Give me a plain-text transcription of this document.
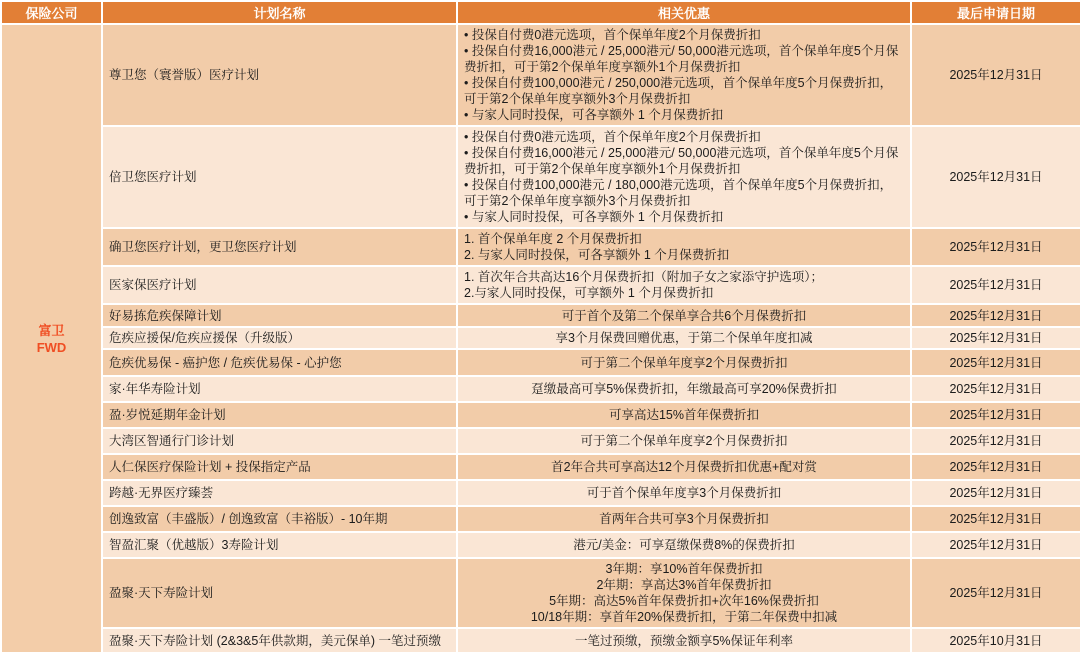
保险公司	计划名称	相关优惠	最后申请日期

富卫
FWD
	尊卫您（寰誉版）医疗计划	
• 投保自付费0港元选项，首个保单年度2个月保费折扣
• 投保自付费16,000港元 / 25,000港元/ 50,000港元选项，首个保单年度5个月保费折扣，可于第2个保单年度享额外1个月保费折扣
• 投保自付费100,000港元 / 250,000港元选项，首个保单年度5个月保费折扣，可于第2个保单年度享额外3个月保费折扣
• 与家人同时投保，可各享额外 1 个月保费折扣
	2025年12月31日
	倍卫您医疗计划	• 投保自付费0港元选项，首个保单年度2个月保费折扣
• 投保自付费16,000港元 / 25,000港元/ 50,000港元选项，首个保单年度5个月保费折扣，可于第2个保单年度享额外1个月保费折扣
• 投保自付费100,000港元 / 180,000港元选项，首个保单年度5个月保费折扣，可于第2个保单年度享额外3个月保费折扣
• 与家人同时投保，可各享额外 1 个月保费折扣	2025年12月31日
	确卫您医疗计划，更卫您医疗计划	1. 首个保单年度 2 个月保费折扣
2. 与家人同时投保，可各享额外 1 个月保费折扣	2025年12月31日
	医家保医疗计划	1. 首次年合共高达16个月保费折扣（附加子女之家添守护选项）；
2.与家人同时投保，可享额外 1 个月保费折扣	2025年12月31日
	好易拣危疾保障计划	可于首个及第二个保单享合共6个月保费折扣	2025年12月31日
	危疾应援保/危疾应援保（升级版）	享3个月保费回赠优惠，于第二个保单年度扣减	2025年12月31日
	危疾优易保 - 癌护您 / 危疾优易保 - 心护您	可于第二个保单年度享2个月保费折扣	2025年12月31日
	家·年华寿险计划	趸缴最高可享5%保费折扣，年缴最高可享20%保费折扣	2025年12月31日
	盈·岁悦延期年金计划	可享高达15%首年保费折扣	2025年12月31日
	大湾区智通行门诊计划	可于第二个保单年度享2个月保费折扣	2025年12月31日
	人仁保医疗保险计划 + 投保指定产品	首2年合共可享高达12个月保费折扣优惠+配对赏	2025年12月31日
	跨越·无界医疗臻荟	可于首个保单年度享3个月保费折扣	2025年12月31日
	创逸致富（丰盛版）/ 创逸致富（丰裕版）- 10年期	首两年合共可享3个月保费折扣	2025年12月31日
	智盈汇聚（优越版）3寿险计划	港元/美金：可享趸缴保费8%的保费折扣	2025年12月31日
	盈聚·天下寿险计划	3年期：享10%首年保费折扣
2年期：享高达3%首年保费折扣
5年期：高达5%首年保费折扣+次年16%保费折扣
10/18年期：享首年20%保费折扣，于第二年保费中扣减	2025年12月31日
	盈聚·天下寿险计划 (2&3&5年供款期，美元保单) 一笔过预缴	一笔过预缴，预缴金额享5%保证年利率	2025年10月31日
